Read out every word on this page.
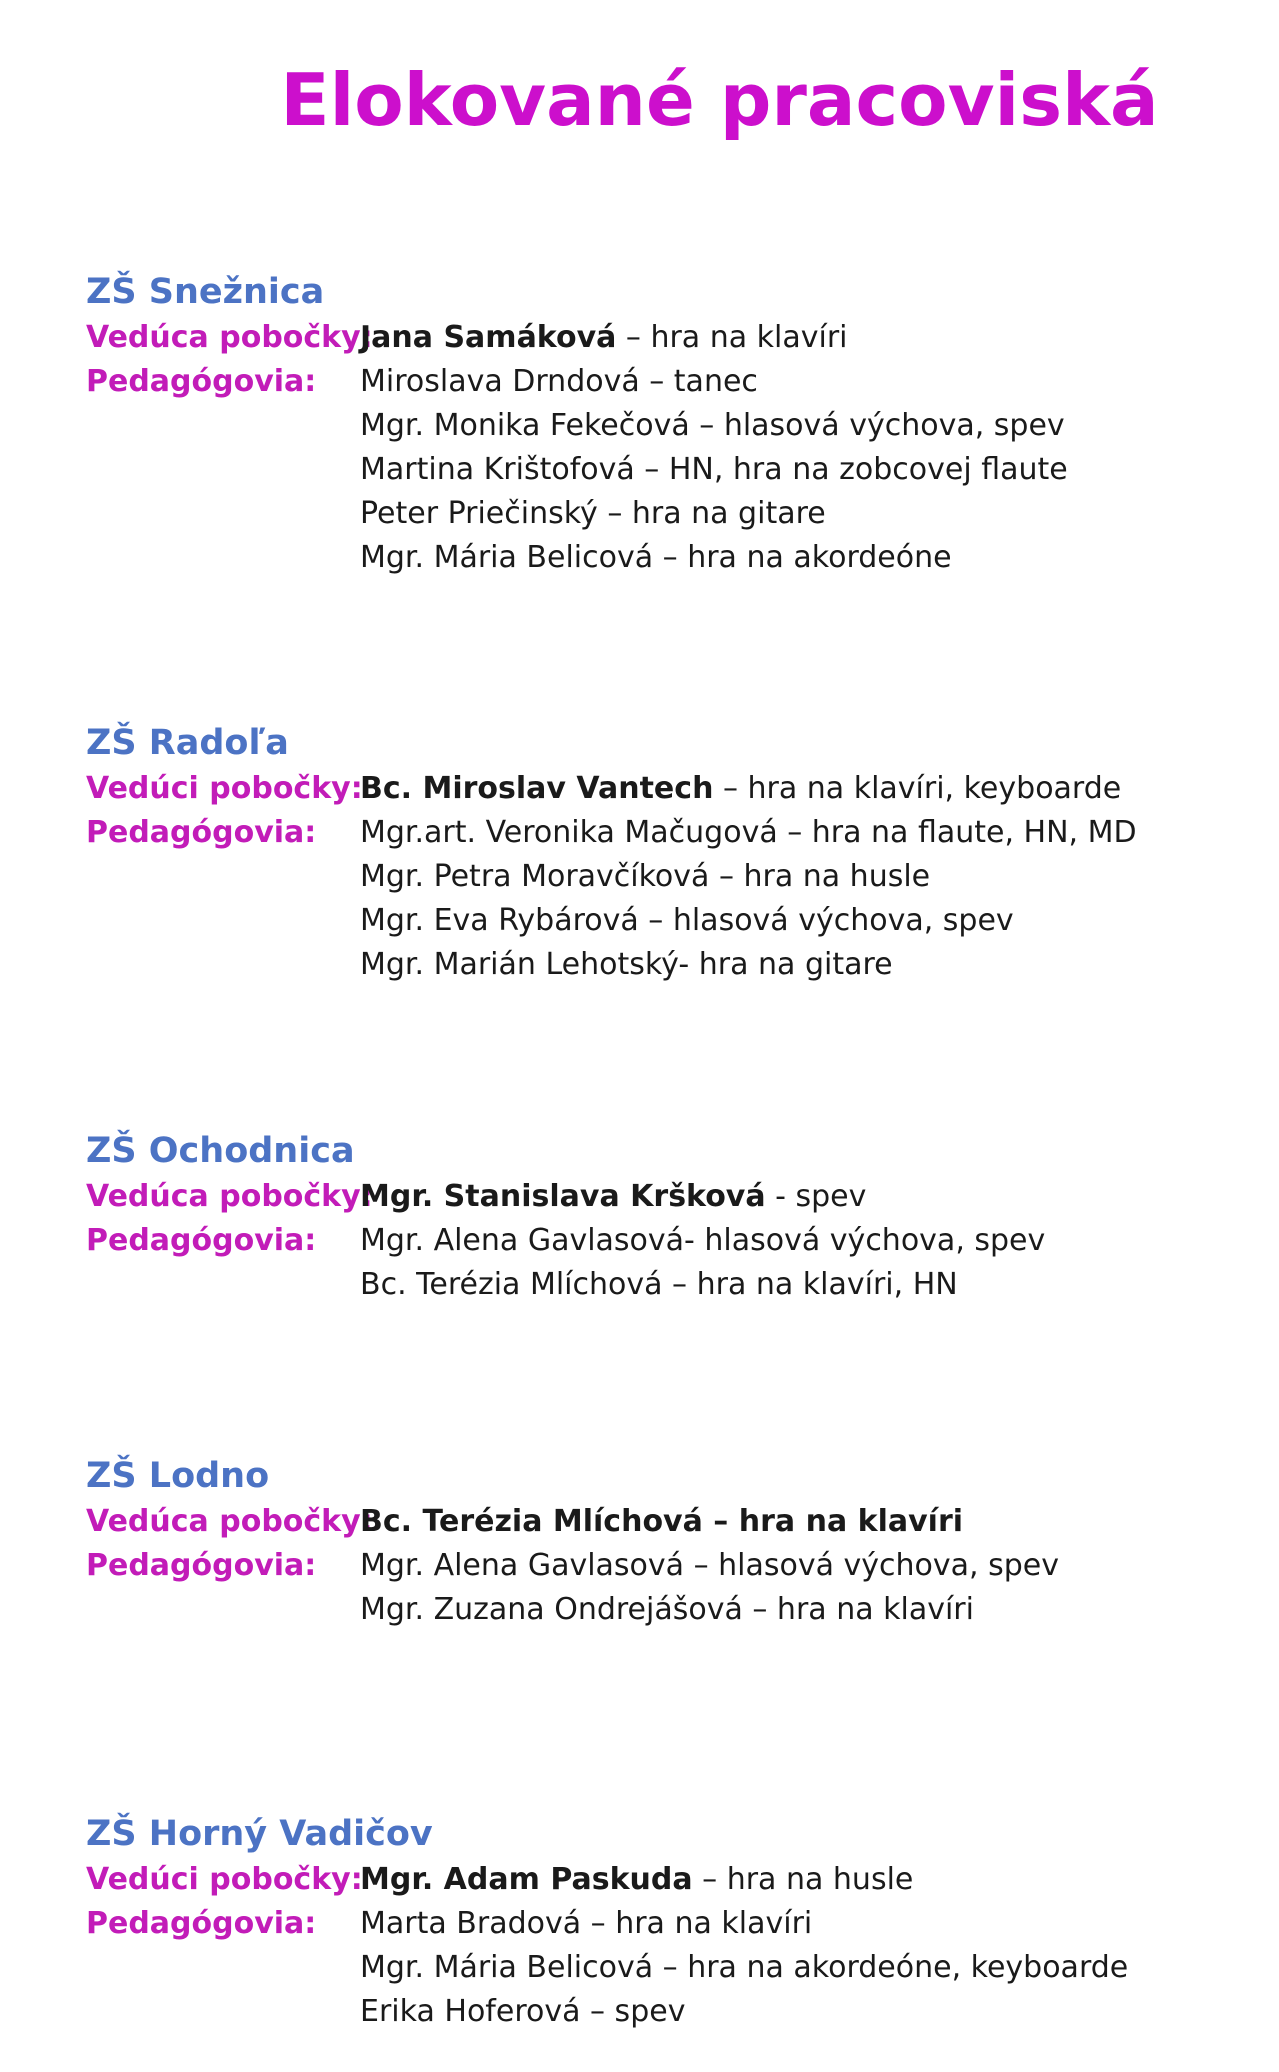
Elokované pracoviská
ZŠ Snežnica
Vedúca pobočky:
Jana Samáková – hra na klavíri
Pedagógovia:	Miroslava Drndová – tanec
Mgr. Monika Fekečová – hlasová výchova, spev
Martina Krištofová – HN, hra na zobcovej flaute
Peter Priečinský – hra na gitare
Mgr. Mária Belicová – hra na akordeóne
ZŠ Radoľa
Vedúci pobočky:
Bc. Miroslav Vantech – hra na klavíri, keyboarde
Pedagógovia:	Mgr.art. Veronika Mačugová – hra na flaute, HN, MD
Mgr. Petra Moravčíková – hra na husle
Mgr. Eva Rybárová – hlasová výchova, spev
Mgr. Marián Lehotský- hra na gitare
ZŠ Ochodnica
Vedúca pobočky:
Mgr. Stanislava Kršková - spev
Pedagógovia:	Mgr. Alena Gavlasová- hlasová výchova, spev
Bc. Terézia Mlíchová – hra na klavíri, HN
ZŠ Lodno
Vedúca pobočky:
Bc. Terézia Mlíchová – hra na klavíri
Pedagógovia:	Mgr. Alena Gavlasová – hlasová výchova, spev
Mgr. Zuzana Ondrejášová – hra na klavíri
ZŠ Horný Vadičov
Vedúci pobočky:
Mgr. Adam Paskuda – hra na husle
Pedagógovia:	Marta Bradová – hra na klavíri
Mgr. Mária Belicová – hra na akordeóne, keyboarde
Erika Hoferová – spev
